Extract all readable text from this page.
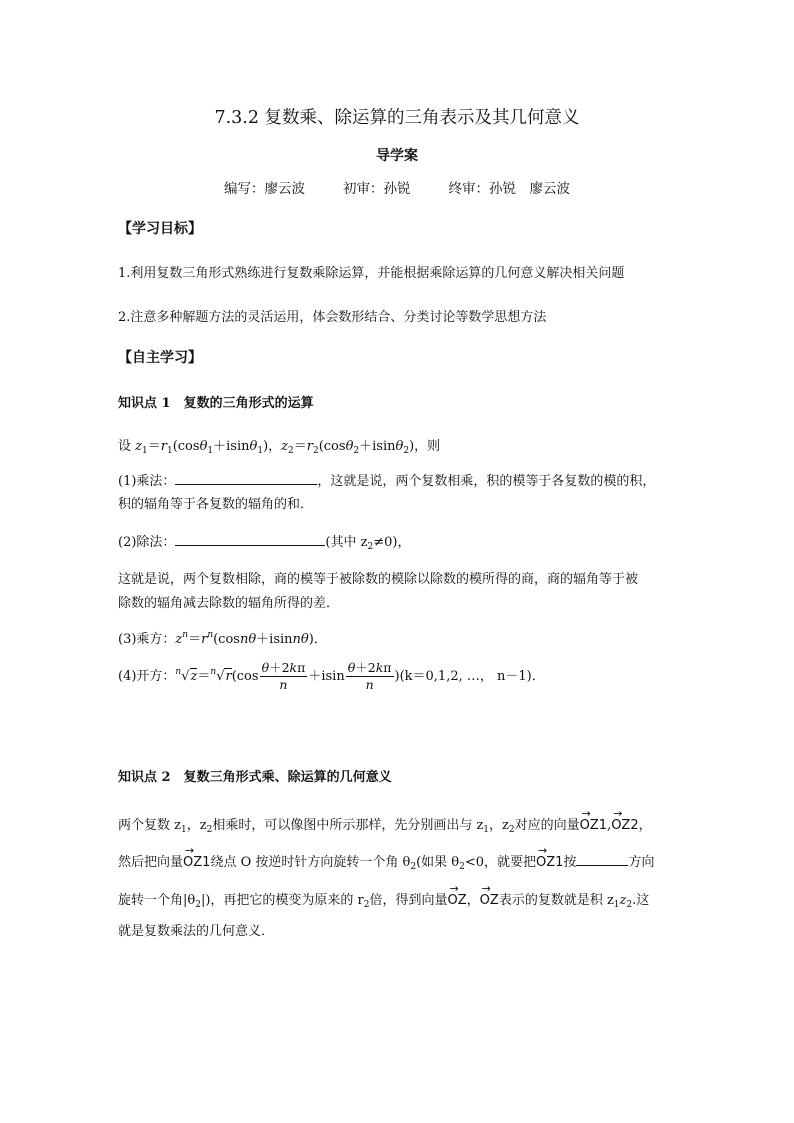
7.3.2 复数乘、除运算的三角表示及其几何意义
导学案
编写：廖云波	初审：孙锐	终审：孙锐　廖云波
【学习目标】
1.利用复数三角形式熟练进行复数乘除运算，并能根据乘除运算的几何意义解决相关问题
2.注意多种解题方法的灵活运用，体会数形结合、分类讨论等数学思想方法
【自主学习】
知识点 1　复数的三角形式的运算
设 $z_1=r_1(\cos\theta_1+isin\theta_1)$，$z_2=r_2(\cos\theta_2+isin\theta_2)$，则
(1)乘法：	，这就是说，两个复数相乘，积的模等于各复数的模的积，
积的辐角等于各复数的辐角的和．
(2)除法：	(其中 $z_2\ne 0$)，
这就是说，两个复数相除，商的模等于被除数的模除以除数的模所得的商，商的辐角等于被
除数的辐角减去除数的辐角所得的差．
(3)乘方：$z^n=r^n(\cos n\theta+isinn\theta)$．
(4)开方：$^n√z=^n√r(\cos \frac{\theta+2k\pi}{n} +isin \frac{\theta+2k\pi}{n} )(k=0,1,2$, …， n－1)．
知识点 2　复数三角形式乘、除运算的几何意义
两个复数 $z_1$，$z_2$相乘时，可以像图中所示那样，先分别画出与 $z_1$，$z_2$对应的向量→ OZ1,→ OZ2，
然后把向量→ OZ1绕点 O 按逆时针方向旋转一个角 $\theta_2$(如果 $\theta_2<0$，就要把→ OZ1按	方向
旋转一个角$|\theta_2|$)，再把它的模变为原来的 $r_2$倍，得到向量→ OZ，→ OZ表示的复数就是积 $z_1z_2$.这
就是复数乘法的几何意义．
